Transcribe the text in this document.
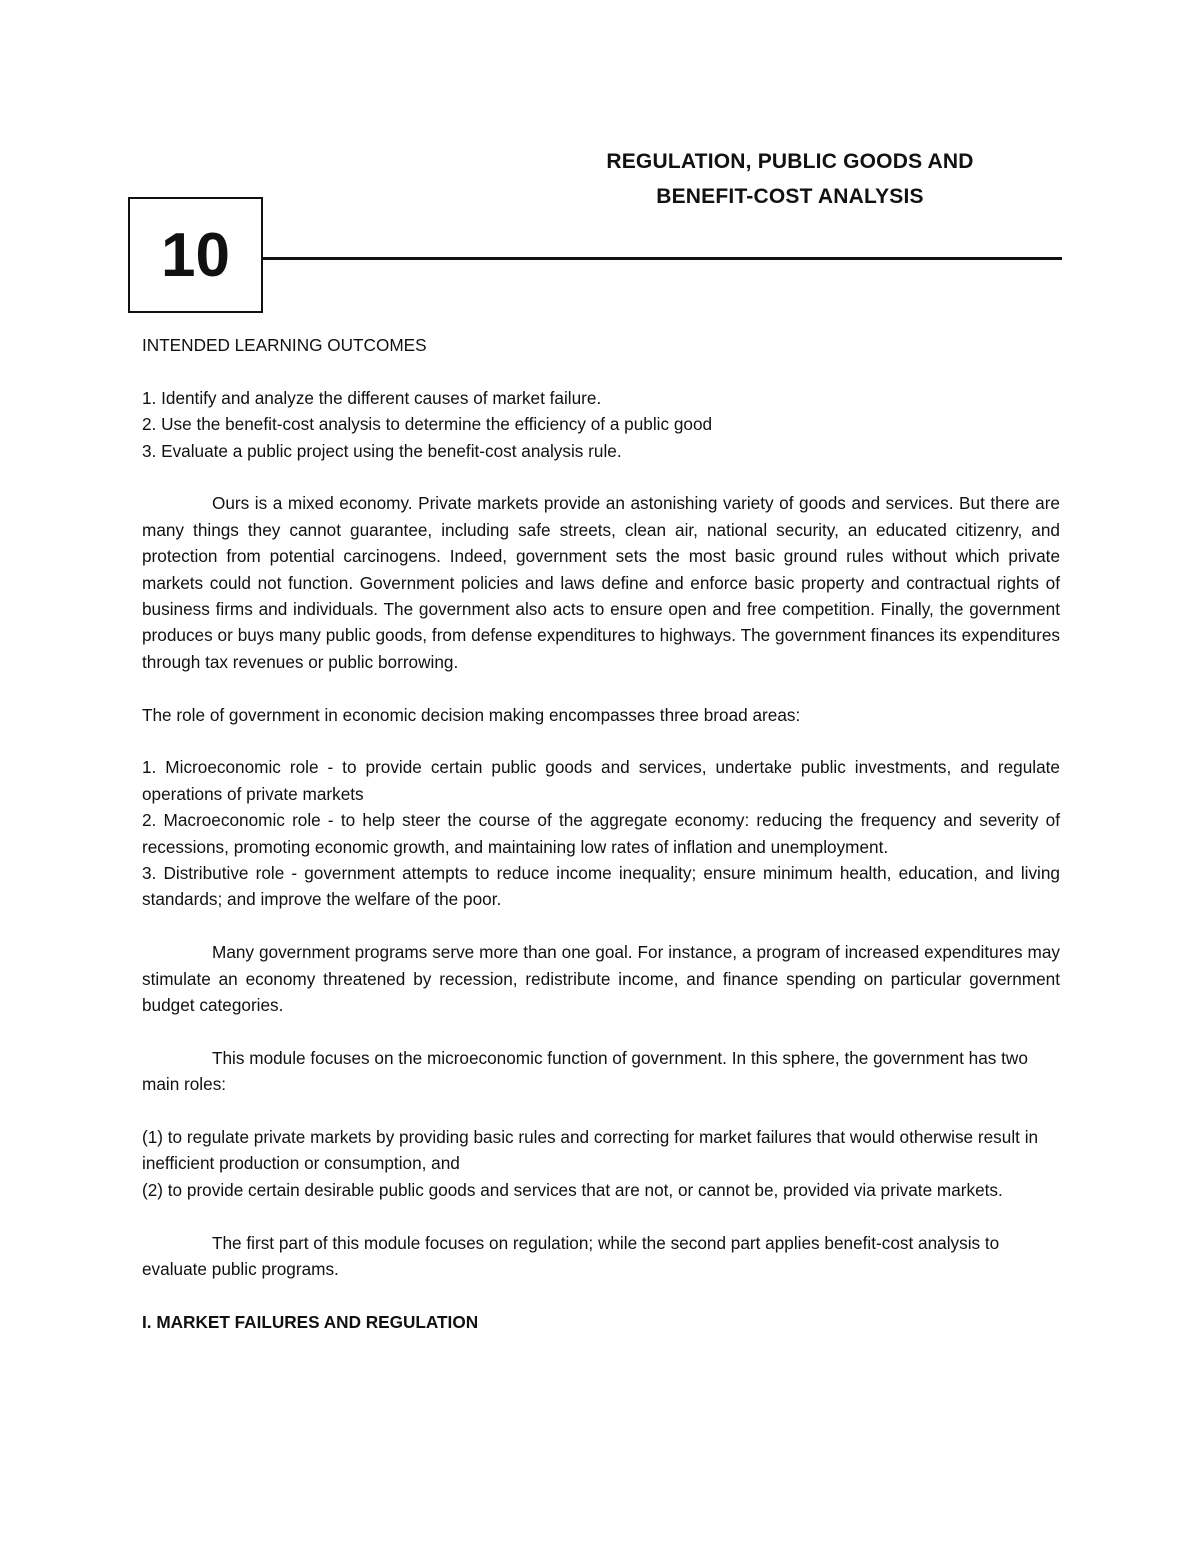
REGULATION, PUBLIC GOODS AND
BENEFIT-COST ANALYSIS
10

INTENDED LEARNING OUTCOMES

1. Identify and analyze the different causes of market failure.

2. Use the benefit-cost analysis to determine the efficiency of a public good

3. Evaluate a public project using the benefit-cost analysis rule.

Ours is a mixed economy. Private markets provide an astonishing variety of goods and services. But there are many things they cannot guarantee, including safe streets, clean air, national security, an educated citizenry, and protection from potential carcinogens. Indeed, government sets the most basic ground rules without which private markets could not function. Government policies and laws define and enforce basic property and contractual rights of business firms and individuals. The government also acts to ensure open and free competition. Finally, the government produces or buys many public goods, from defense expenditures to highways. The government finances its expenditures through tax revenues or public borrowing.

The role of government in economic decision making encompasses three broad areas:

1. Microeconomic role - to provide certain public goods and services, undertake public investments, and regulate operations of private markets

2. Macroeconomic role - to help steer the course of the aggregate economy: reducing the frequency and severity of recessions, promoting economic growth, and maintaining low rates of inflation and unemployment.

3. Distributive role - government attempts to reduce income inequality; ensure minimum health, education, and living standards; and improve the welfare of the poor.

Many government programs serve more than one goal. For instance, a program of increased expenditures may stimulate an economy threatened by recession, redistribute income, and finance spending on particular government budget categories.

This module focuses on the microeconomic function of government. In this sphere, the government has two main roles:

(1) to regulate private markets by providing basic rules and correcting for market failures that would otherwise result in inefficient production or consumption, and

(2) to provide certain desirable public goods and services that are not, or cannot be, provided via private markets.

The first part of this module focuses on regulation; while the second part applies benefit-cost analysis to evaluate public programs.

I. MARKET FAILURES AND REGULATION
